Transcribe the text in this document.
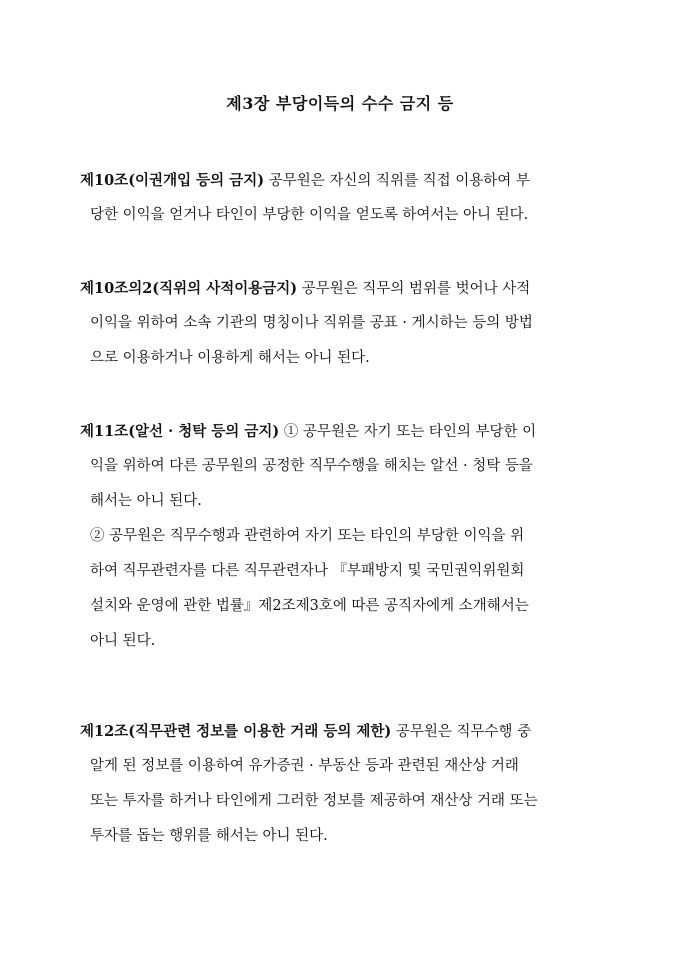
제3장 부당이득의 수수 금지 등
제10조(이권개입 등의 금지) 공무원은 자신의 직위를 직접 이용하여 부
당한 이익을 얻거나 타인이 부당한 이익을 얻도록 하여서는 아니 된다.
제10조의2(직위의 사적이용금지) 공무원은 직무의 범위를 벗어나 사적
이익을 위하여 소속 기관의 명칭이나 직위를 공표 · 게시하는 등의 방법
으로 이용하거나 이용하게 해서는 아니 된다.
제11조(알선 · 청탁 등의 금지) ① 공무원은 자기 또는 타인의 부당한 이
익을 위하여 다른 공무원의 공정한 직무수행을 해치는 알선 · 청탁 등을
해서는 아니 된다.
② 공무원은 직무수행과 관련하여 자기 또는 타인의 부당한 이익을 위
하여 직무관련자를 다른 직무관련자나 『부패방지 및 국민권익위원회
설치와 운영에 관한 법률』제2조제3호에 따른 공직자에게 소개해서는
아니 된다.
제12조(직무관련 정보를 이용한 거래 등의 제한) 공무원은 직무수행 중
알게 된 정보를 이용하여 유가증권 · 부동산 등과 관련된 재산상 거래
또는 투자를 하거나 타인에게 그러한 정보를 제공하여 재산상 거래 또는
투자를 돕는 행위를 해서는 아니 된다.
